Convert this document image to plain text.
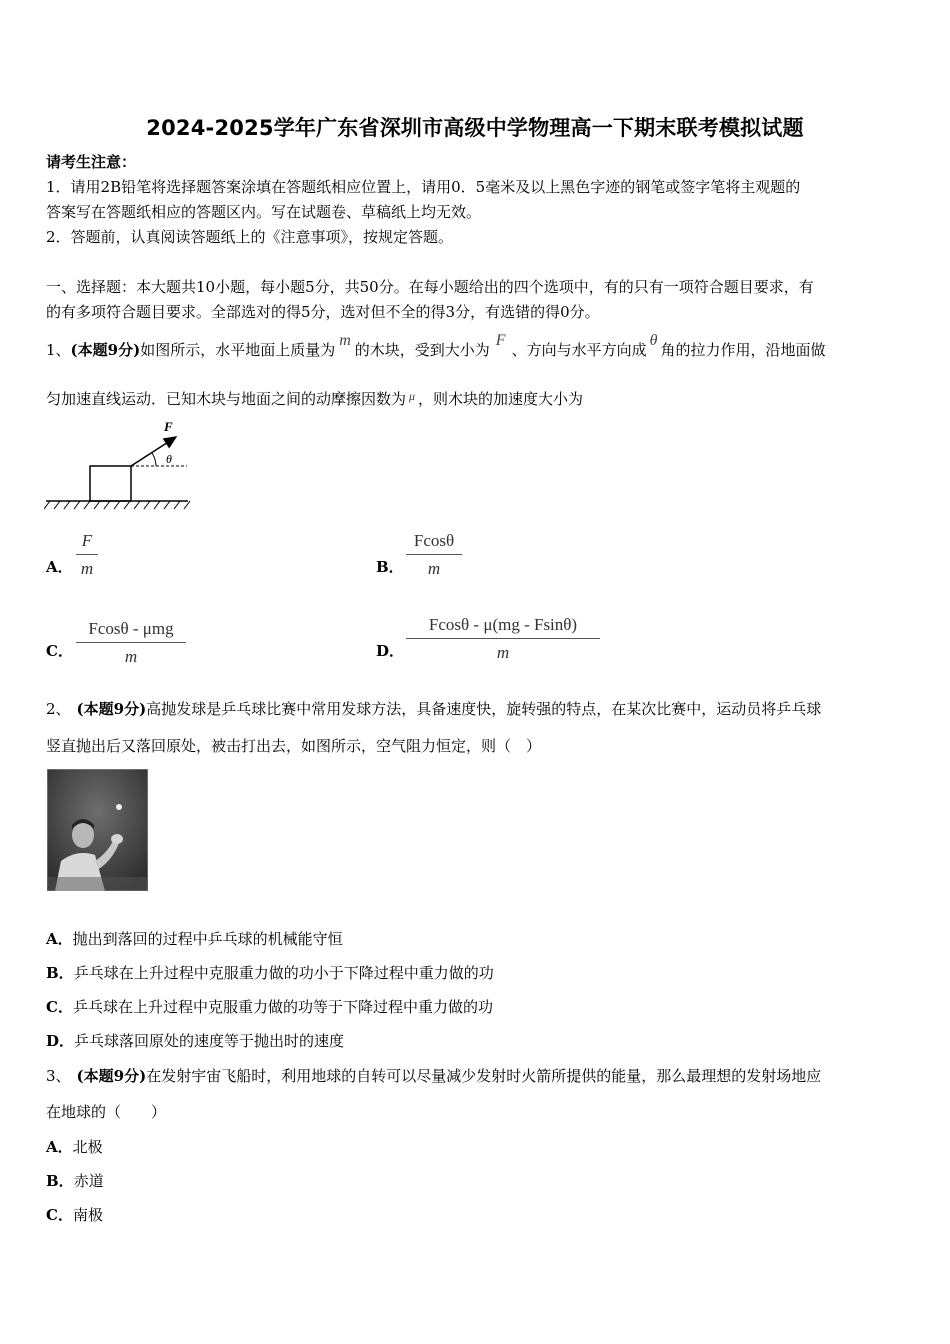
2024-2025学年广东省深圳市高级中学物理高一下期末联考模拟试题
请考生注意：
1．请用2B铅笔将选择题答案涂填在答题纸相应位置上，请用0．5毫米及以上黑色字迹的钢笔或签字笔将主观题的
答案写在答题纸相应的答题区内。写在试题卷、草稿纸上均无效。
2．答题前，认真阅读答题纸上的《注意事项》，按规定答题。
一、选择题：本大题共10小题，每小题5分，共50分。在每小题给出的四个选项中，有的只有一项符合题目要求，有
的有多项符合题目要求。全部选对的得5分，选对但不全的得3分，有选错的得0分。
1、(本题9分)如图所示，水平地面上质量为m的木块，受到大小为F、方向与水平方向成θ角的拉力作用，沿地面做
匀加速直线运动．已知木块与地面之间的动摩擦因数为 $^\mu$ ，则木块的加速度大小为
F
θ
A． $\frac{F}{m}$	B． $\frac{Fcos\theta}{m}$
C．
Fcosθ - μmg
m	D． $\frac{Fcos\theta - \mu(mg - Fsin\theta)}{m}$
2、 (本题9分)高抛发球是乒乓球比赛中常用发球方法，具备速度快，旋转强的特点，在某次比赛中，运动员将乒乓球
竖直抛出后又落回原处，被击打出去，如图所示，空气阻力恒定，则（　）
A．抛出到落回的过程中乒乓球的机械能守恒
B．乒乓球在上升过程中克服重力做的功小于下降过程中重力做的功
C．乒乓球在上升过程中克服重力做的功等于下降过程中重力做的功
D．乒乓球落回原处的速度等于抛出时的速度
3、 (本题9分)在发射宇宙飞船时，利用地球的自转可以尽量减少发射时火箭所提供的能量，那么最理想的发射场地应
在地球的（　　）
A．北极
B．赤道
C．南极
